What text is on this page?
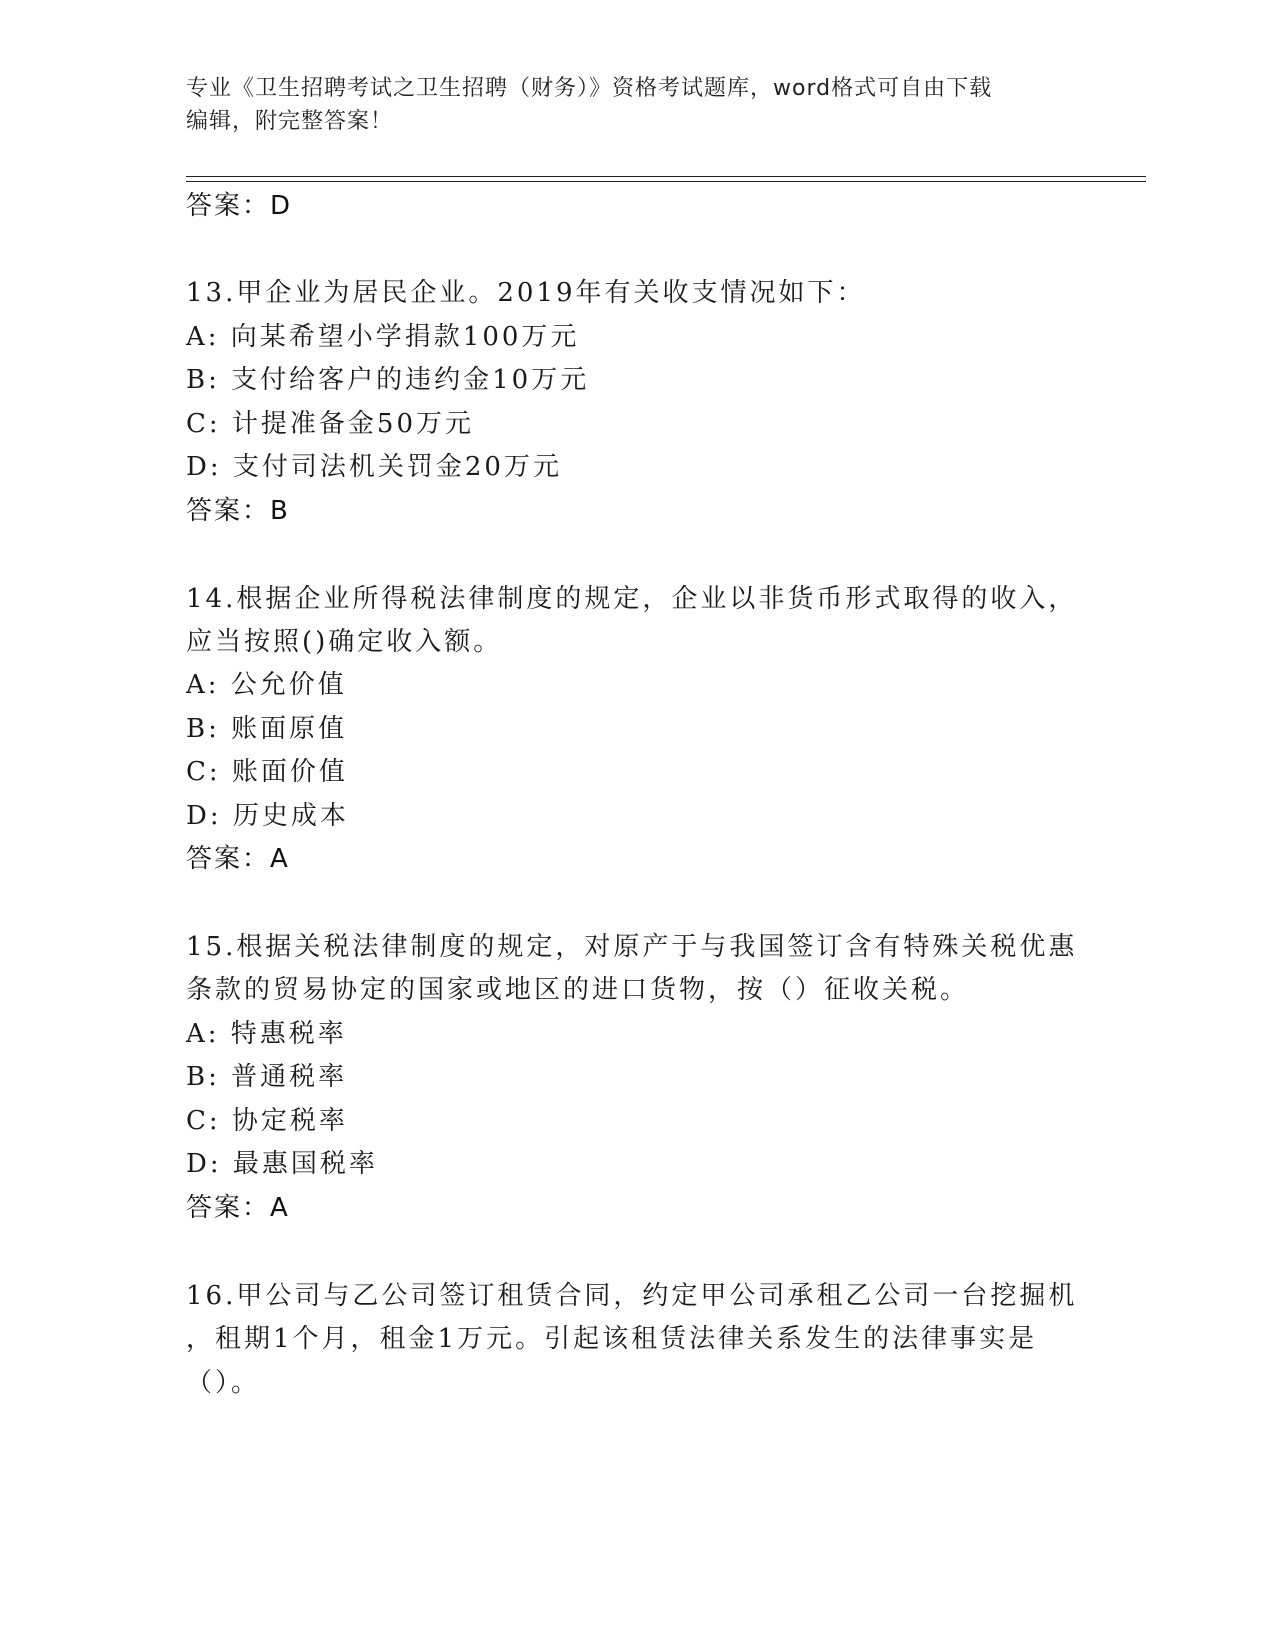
专业《卫生招聘考试之卫生招聘（财务）》资格考试题库，word格式可自由下载
编辑，附完整答案！
答案：D
13.甲企业为居民企业。2019年有关收支情况如下：
A: 向某希望小学捐款100万元
B: 支付给客户的违约金10万元
C: 计提准备金50万元
D: 支付司法机关罚金20万元
答案：B
14.根据企业所得税法律制度的规定，企业以非货币形式取得的收入，
应当按照()确定收入额。
A: 公允价值
B: 账面原值
C: 账面价值
D: 历史成本
答案：A
15.根据关税法律制度的规定，对原产于与我国签订含有特殊关税优惠
条款的贸易协定的国家或地区的进口货物，按（）征收关税。
A: 特惠税率
B: 普通税率
C: 协定税率
D: 最惠国税率
答案：A
16.甲公司与乙公司签订租赁合同，约定甲公司承租乙公司一台挖掘机
，租期1个月，租金1万元。引起该租赁法律关系发生的法律事实是
（）。
